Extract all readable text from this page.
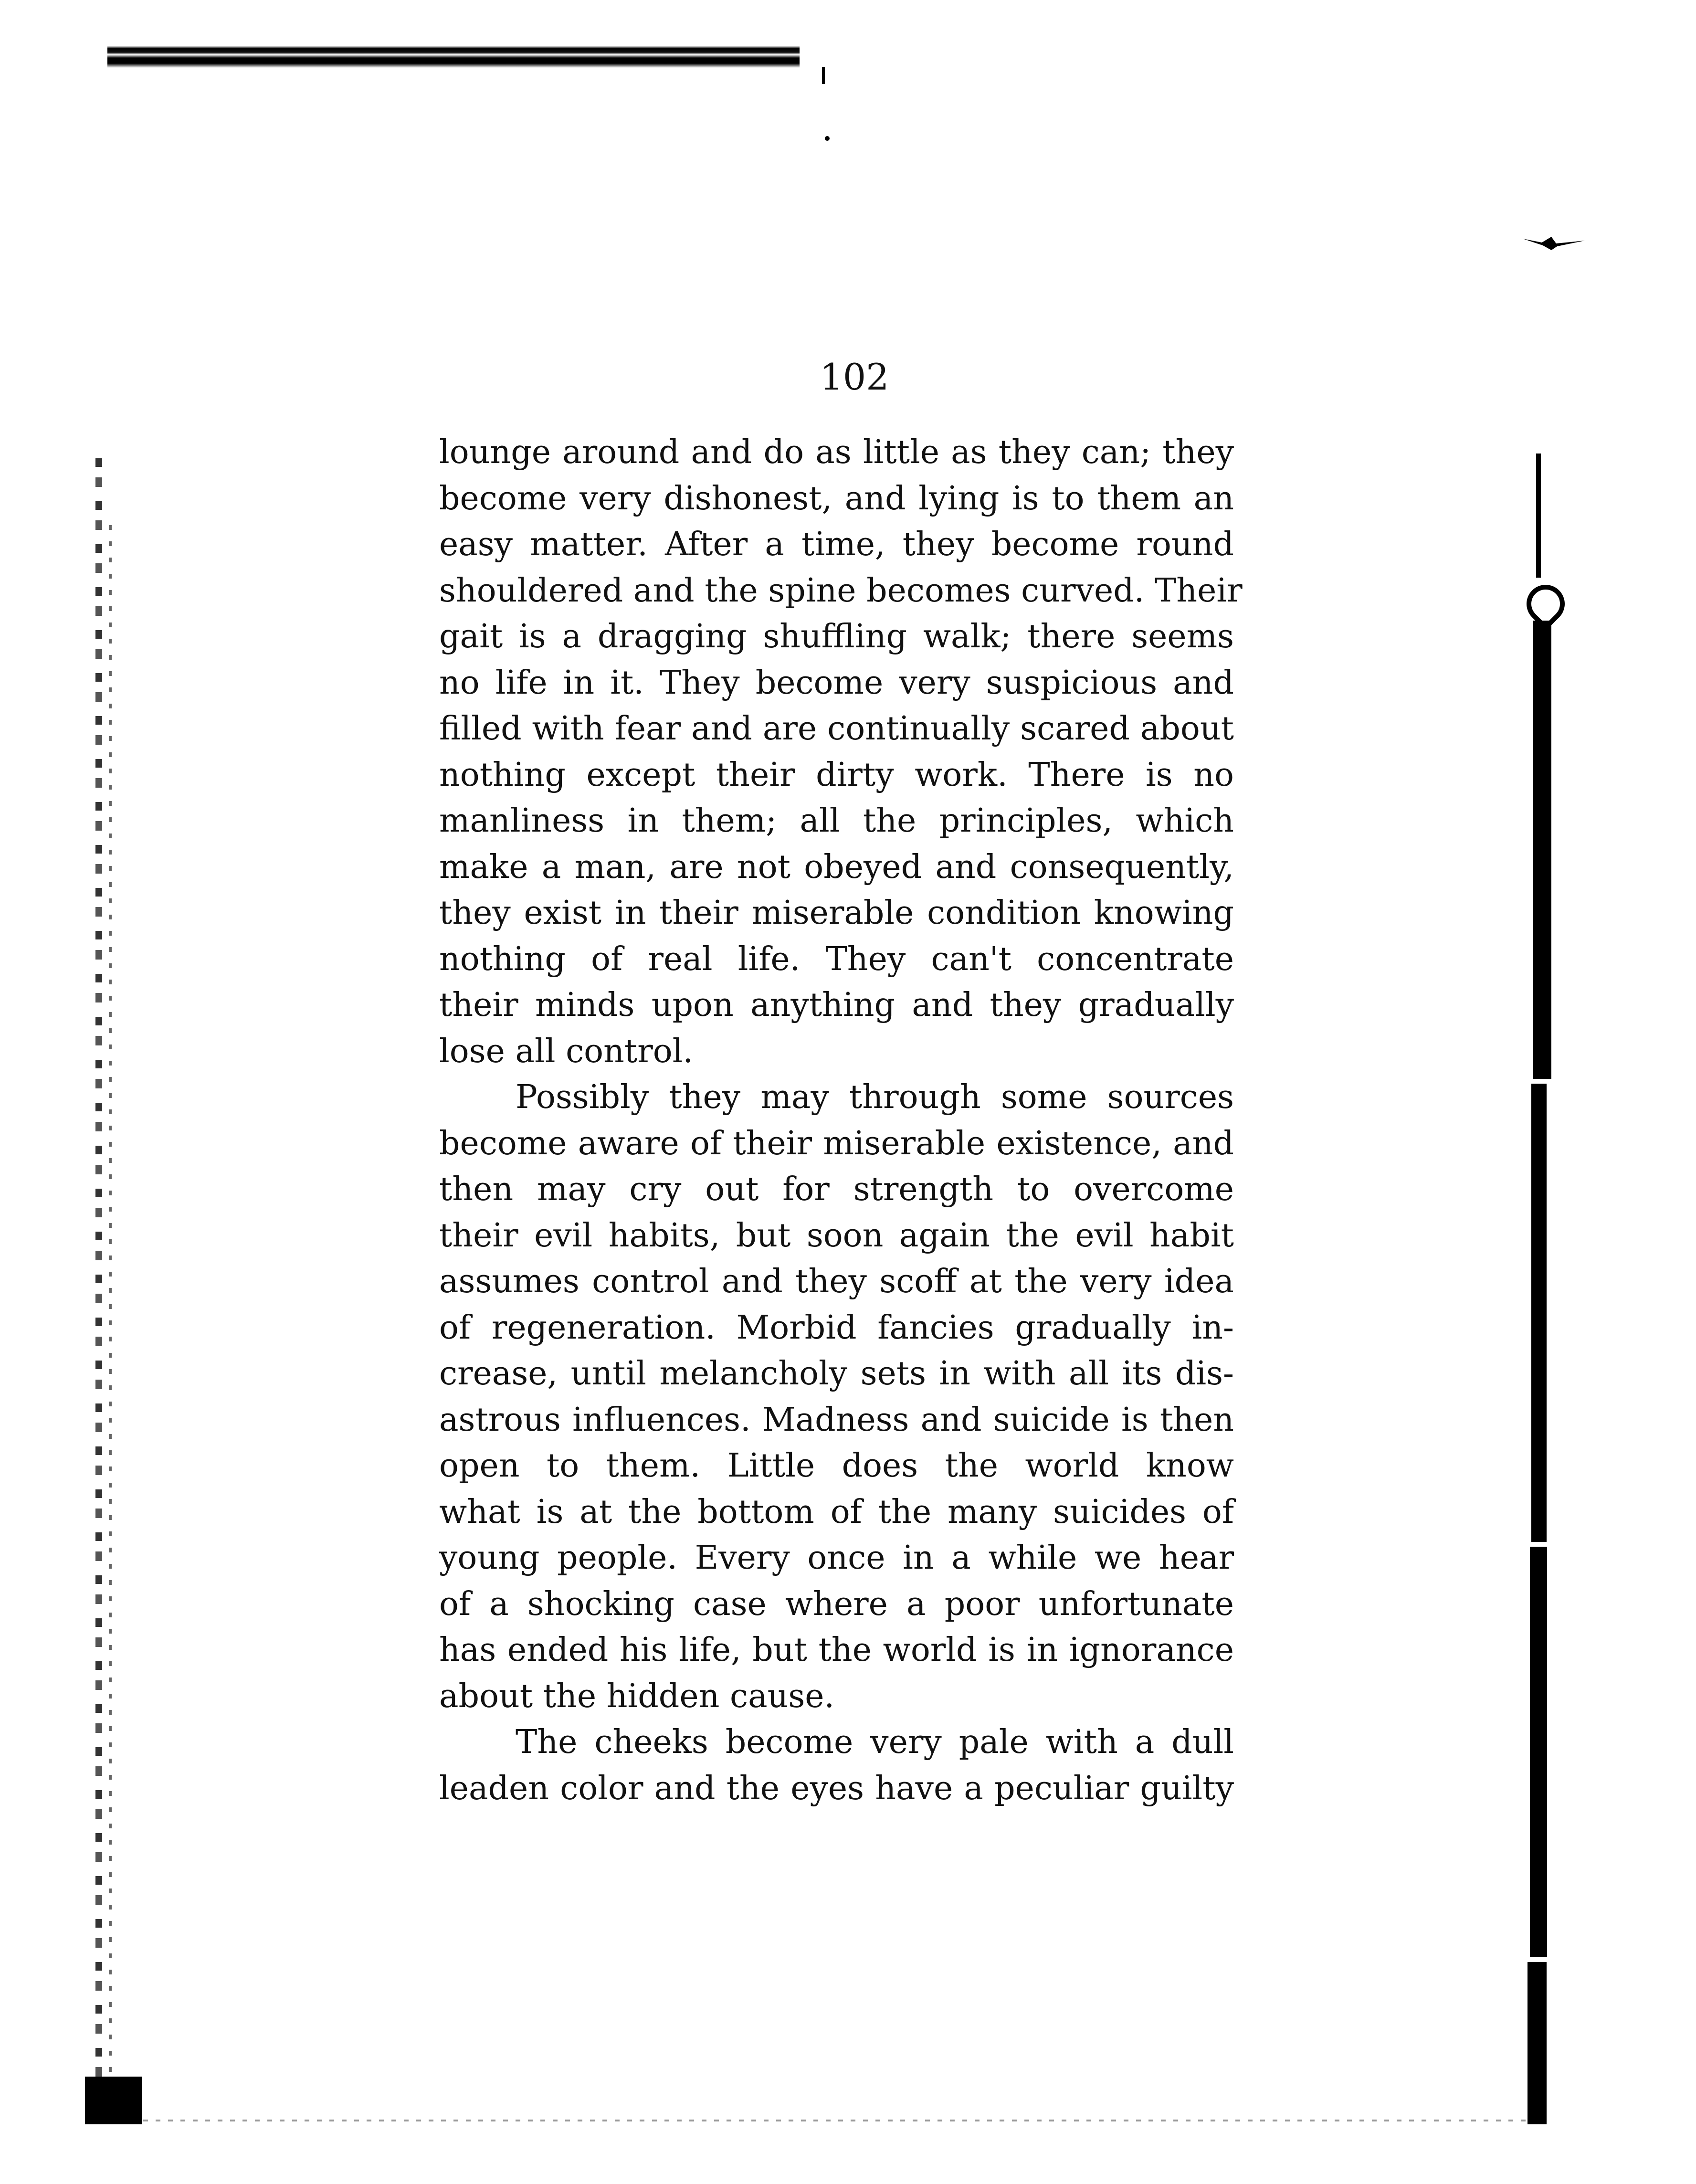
102
lounge around and do as little as they can; they
become very dishonest, and lying is to them an
easy matter. After a time, they become round
shouldered and the spine becomes curved. Their
gait is a dragging shuffling walk; there seems
no life in it. They become very suspicious and
filled with fear and are continually scared about
nothing except their dirty work. There is no
manliness in them; all the principles, which
make a man, are not obeyed and consequently,
they exist in their miserable condition knowing
nothing of real life. They can't concentrate
their minds upon anything and they gradually
lose all control.
Possibly they may through some sources
become aware of their miserable existence, and
then may cry out for strength to overcome
their evil habits, but soon again the evil habit
assumes control and they scoff at the very idea
of regeneration. Morbid fancies gradually in-
crease, until melancholy sets in with all its dis-
astrous influences. Madness and suicide is then
open to them. Little does the world know
what is at the bottom of the many suicides of
young people. Every once in a while we hear
of a shocking case where a poor unfortunate
has ended his life, but the world is in ignorance
about the hidden cause.
The cheeks become very pale with a dull
leaden color and the eyes have a peculiar guilty
